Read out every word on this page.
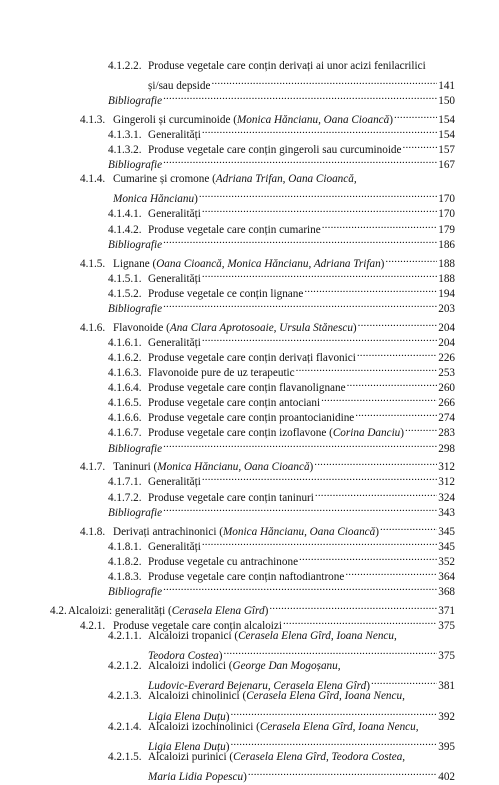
4.1.2.2. Produse vegetale care conțin derivați ai unor acizi fenilacrilici
și/sau depside .....	141
Bibliografie .....	150
4.1.3. Gingeroli și curcuminoide (Monica Hăncianu, Oana Cioancă) .....	154
4.1.3.1. Generalități .....	154
4.1.3.2. Produse vegetale care conțin gingeroli sau curcuminoide .....	157
Bibliografie .....	167
4.1.4. Cumarine și cromone (Adriana Trifan, Oana Cioancă,
Monica Hăncianu) .....	170
4.1.4.1. Generalități .....	170
4.1.4.2. Produse vegetale care conțin cumarine .....	179
Bibliografie .....	186
4.1.5. Lignane (Oana Cioancă, Monica Hăncianu, Adriana Trifan) .....	188
4.1.5.1. Generalități .....	188
4.1.5.2. Produse vegetale ce conțin lignane .....	194
Bibliografie .....	203
4.1.6. Flavonoide (Ana Clara Aprotosoaie, Ursula Stănescu) .....	204
4.1.6.1. Generalități .....	204
4.1.6.2. Produse vegetale care conțin derivați flavonici .....	226
4.1.6.3. Flavonoide pure de uz terapeutic .....	253
4.1.6.4. Produse vegetale care conțin flavanolignane .....	260
4.1.6.5. Produse vegetale care conțin antociani .....	266
4.1.6.6. Produse vegetale care conțin proantocianidine .....	274
4.1.6.7. Produse vegetale care conțin izoflavone (Corina Danciu) .....	283
Bibliografie .....	298
4.1.7. Taninuri (Monica Hăncianu, Oana Cioancă) .....	312
4.1.7.1. Generalități .....	312
4.1.7.2. Produse vegetale care conțin taninuri .....	324
Bibliografie .....	343
4.1.8. Derivați antrachinonici (Monica Hăncianu, Oana Cioancă) .....	345
4.1.8.1. Generalități .....	345
4.1.8.2. Produse vegetale cu antrachinone .....	352
4.1.8.3. Produse vegetale care conțin naftodiantrone .....	364
Bibliografie .....	368
4.2. Alcaloizi: generalități (Cerasela Elena Gîrd) .....	371
4.2.1. Produse vegetale care conțin alcaloizi .....	375
4.2.1.1. Alcaloizi tropanici (Cerasela Elena Gîrd, Ioana Nencu,
Teodora Costea) .....	375
4.2.1.2. Alcaloizi indolici (George Dan Mogoșanu,
Ludovic-Everard Bejenaru, Cerasela Elena Gîrd) .....	381
4.2.1.3. Alcaloizi chinolinici (Cerasela Elena Gîrd, Ioana Nencu,
Ligia Elena Duțu) .....	392
4.2.1.4. Alcaloizi izochinolinici (Cerasela Elena Gîrd, Ioana Nencu,
Ligia Elena Duțu) .....	395
4.2.1.5. Alcaloizi purinici (Cerasela Elena Gîrd, Teodora Costea,
Maria Lidia Popescu) .....	402
